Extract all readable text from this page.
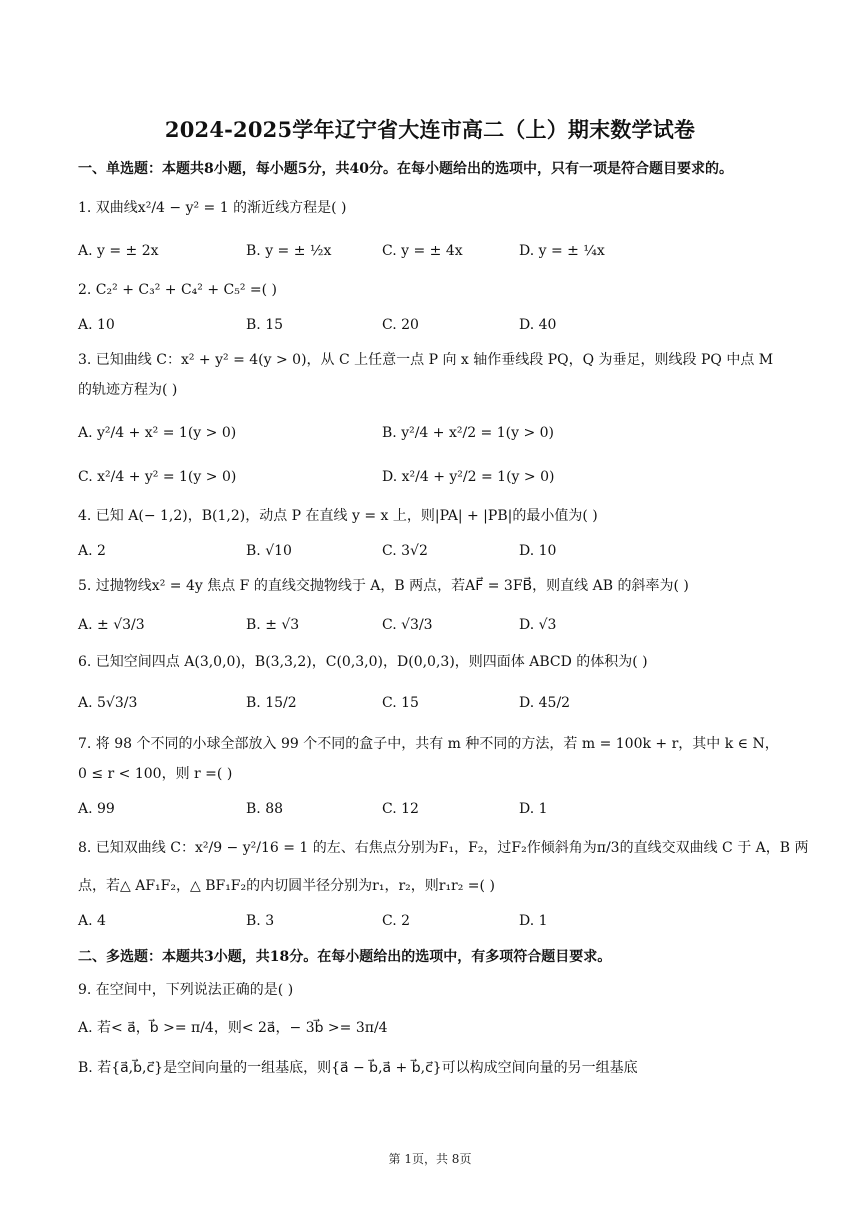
2024-2025学年辽宁省大连市高二（上）期末数学试卷
一、单选题：本题共8小题，每小题5分，共40分。在每小题给出的选项中，只有一项是符合题目要求的。
1. 双曲线x²/4 − y² = 1 的渐近线方程是( )
A. y = ± 2x	B. y = ± ½x	C. y = ± 4x	D. y = ± ¼x
2. C₂² + C₃² + C₄² + C₅² =( )
A. 10	B. 15	C. 20	D. 40
3. 已知曲线 C：x² + y² = 4(y > 0)，从 C 上任意一点 P 向 x 轴作垂线段 PQ，Q 为垂足，则线段 PQ 中点 M
的轨迹方程为( )
A. y²/4 + x² = 1(y > 0)	B. y²/4 + x²/2 = 1(y > 0)
C. x²/4 + y² = 1(y > 0)	D. x²/4 + y²/2 = 1(y > 0)
4. 已知 A(− 1,2)，B(1,2)，动点 P 在直线 y = x 上，则|PA| + |PB|的最小值为( )
A. 2	B. √10	C. 3√2	D. 10
5. 过抛物线x² = 4y 焦点 F 的直线交抛物线于 A，B 两点，若AF⃗ = 3FB⃗，则直线 AB 的斜率为( )
A. ± √3/3	B. ± √3	C. √3/3	D. √3
6. 已知空间四点 A(3,0,0)，B(3,3,2)，C(0,3,0)，D(0,0,3)，则四面体 ABCD 的体积为( )
A. 5√3/3	B. 15/2	C. 15	D. 45/2
7. 将 98 个不同的小球全部放入 99 个不同的盒子中，共有 m 种不同的方法，若 m = 100k + r，其中 k ∈ N，
0 ≤ r < 100，则 r =( )
A. 99	B. 88	C. 12	D. 1
8. 已知双曲线 C：x²/9 − y²/16 = 1 的左、右焦点分别为F₁，F₂，过F₂作倾斜角为π/3的直线交双曲线 C 于 A，B 两
点，若△ AF₁F₂，△ BF₁F₂的内切圆半径分别为r₁，r₂，则r₁r₂ =( )
A. 4	B. 3	C. 2	D. 1
二、多选题：本题共3小题，共18分。在每小题给出的选项中，有多项符合题目要求。
9. 在空间中，下列说法正确的是( )
A. 若< a⃗，b⃗ >= π/4，则< 2a⃗，− 3b⃗ >= 3π/4
B. 若{a⃗,b⃗,c⃗}是空间向量的一组基底，则{a⃗ − b⃗,a⃗ + b⃗,c⃗}可以构成空间向量的另一组基底
第 1页，共 8页
